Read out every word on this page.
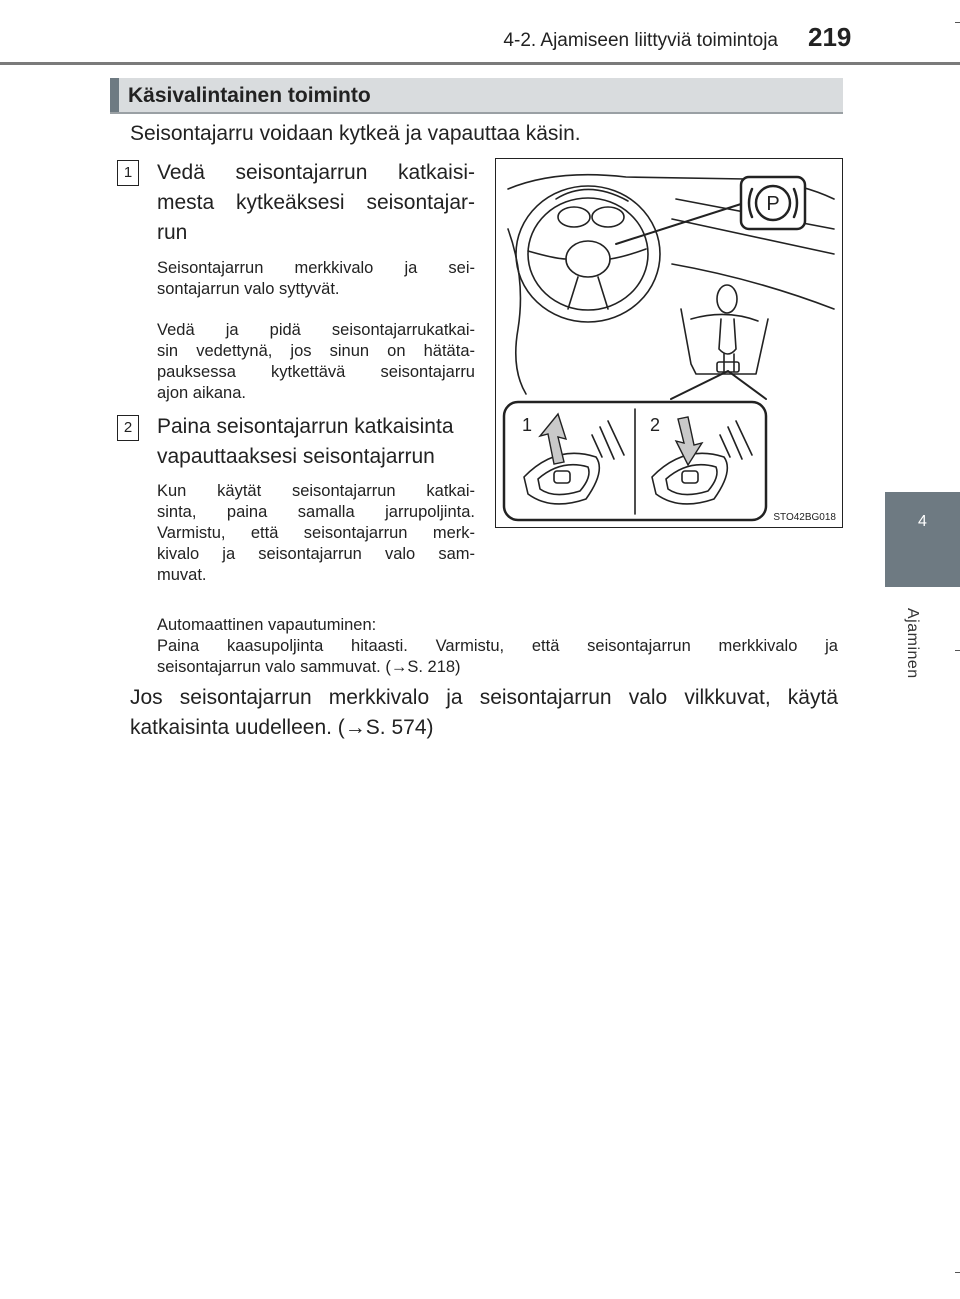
4-2. Ajamiseen liittyviä toimintoja 219
4
Ajaminen
Käsivalintainen toiminto
Seisontajarru voidaan kytkeä ja vapauttaa käsin.
1	Vedä seisontajarrun katkaisi-
mesta kytkeäksesi seisontajar-
run
Seisontajarrun merkkivalo ja sei-
sontajarrun valo syttyvät.
Vedä ja pidä seisontajarrukatkai-
sin vedettynä, jos sinun on hätäta-
pauksessa kytkettävä seisontajarru
ajon aikana.
2	Paina seisontajarrun katkaisinta
vapauttaaksesi seisontajarrun
Kun käytät seisontajarrun katkai-
sinta, paina samalla jarrupoljinta.
Varmistu, että seisontajarrun merk-
kivalo ja seisontajarrun valo sam-
muvat.
P
1	2
STO42BG018
Automaattinen vapautuminen:
Paina kaasupoljinta hitaasti. Varmistu, että seisontajarrun merkkivalo ja
seisontajarrun valo sammuvat. (→S. 218)
Jos seisontajarrun merkkivalo ja seisontajarrun valo vilkkuvat, käytä
katkaisinta uudelleen. (→S. 574)
